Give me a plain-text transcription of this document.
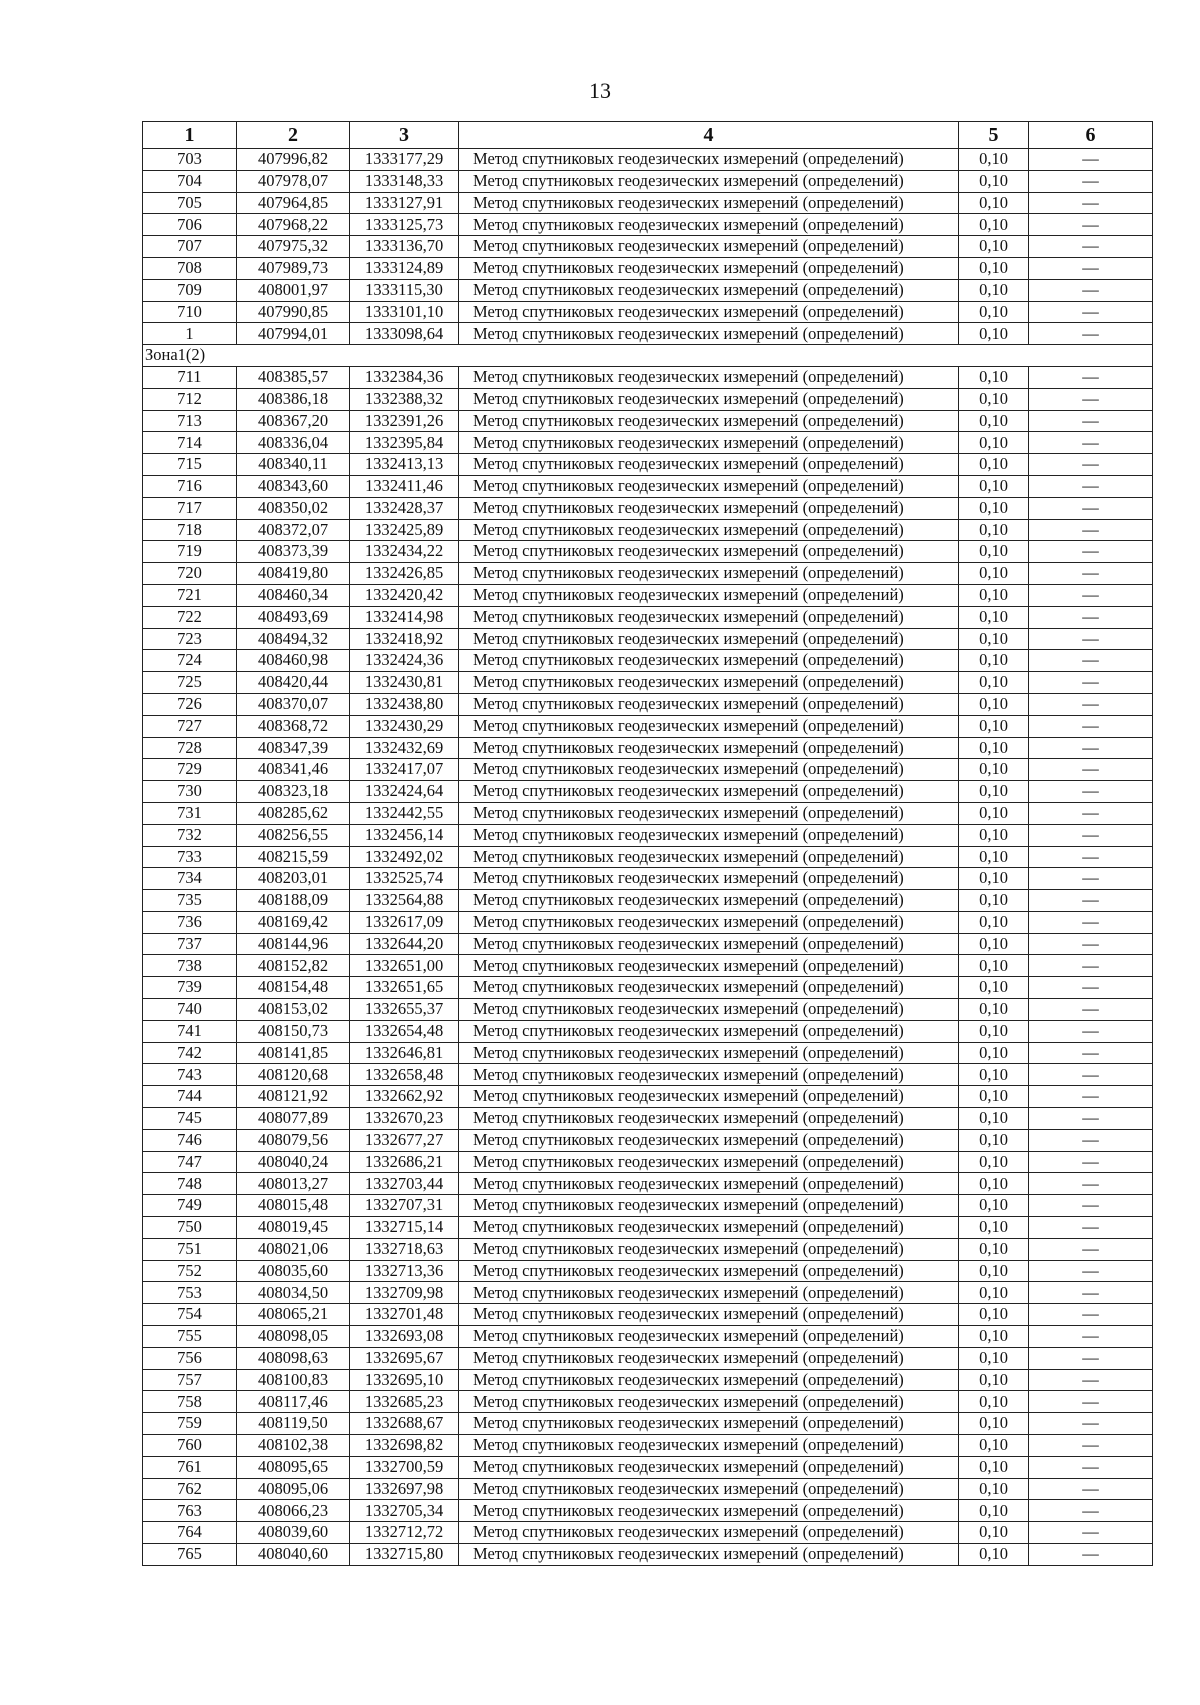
13
1	2	3	4	5	6
703	407996,82	1333177,29	Метод спутниковых геодезических измерений (определений)	0,10	—
704	407978,07	1333148,33	Метод спутниковых геодезических измерений (определений)	0,10	—
705	407964,85	1333127,91	Метод спутниковых геодезических измерений (определений)	0,10	—
706	407968,22	1333125,73	Метод спутниковых геодезических измерений (определений)	0,10	—
707	407975,32	1333136,70	Метод спутниковых геодезических измерений (определений)	0,10	—
708	407989,73	1333124,89	Метод спутниковых геодезических измерений (определений)	0,10	—
709	408001,97	1333115,30	Метод спутниковых геодезических измерений (определений)	0,10	—
710	407990,85	1333101,10	Метод спутниковых геодезических измерений (определений)	0,10	—
1	407994,01	1333098,64	Метод спутниковых геодезических измерений (определений)	0,10	—
Зона1(2)					
711	408385,57	1332384,36	Метод спутниковых геодезических измерений (определений)	0,10	—
712	408386,18	1332388,32	Метод спутниковых геодезических измерений (определений)	0,10	—
713	408367,20	1332391,26	Метод спутниковых геодезических измерений (определений)	0,10	—
714	408336,04	1332395,84	Метод спутниковых геодезических измерений (определений)	0,10	—
715	408340,11	1332413,13	Метод спутниковых геодезических измерений (определений)	0,10	—
716	408343,60	1332411,46	Метод спутниковых геодезических измерений (определений)	0,10	—
717	408350,02	1332428,37	Метод спутниковых геодезических измерений (определений)	0,10	—
718	408372,07	1332425,89	Метод спутниковых геодезических измерений (определений)	0,10	—
719	408373,39	1332434,22	Метод спутниковых геодезических измерений (определений)	0,10	—
720	408419,80	1332426,85	Метод спутниковых геодезических измерений (определений)	0,10	—
721	408460,34	1332420,42	Метод спутниковых геодезических измерений (определений)	0,10	—
722	408493,69	1332414,98	Метод спутниковых геодезических измерений (определений)	0,10	—
723	408494,32	1332418,92	Метод спутниковых геодезических измерений (определений)	0,10	—
724	408460,98	1332424,36	Метод спутниковых геодезических измерений (определений)	0,10	—
725	408420,44	1332430,81	Метод спутниковых геодезических измерений (определений)	0,10	—
726	408370,07	1332438,80	Метод спутниковых геодезических измерений (определений)	0,10	—
727	408368,72	1332430,29	Метод спутниковых геодезических измерений (определений)	0,10	—
728	408347,39	1332432,69	Метод спутниковых геодезических измерений (определений)	0,10	—
729	408341,46	1332417,07	Метод спутниковых геодезических измерений (определений)	0,10	—
730	408323,18	1332424,64	Метод спутниковых геодезических измерений (определений)	0,10	—
731	408285,62	1332442,55	Метод спутниковых геодезических измерений (определений)	0,10	—
732	408256,55	1332456,14	Метод спутниковых геодезических измерений (определений)	0,10	—
733	408215,59	1332492,02	Метод спутниковых геодезических измерений (определений)	0,10	—
734	408203,01	1332525,74	Метод спутниковых геодезических измерений (определений)	0,10	—
735	408188,09	1332564,88	Метод спутниковых геодезических измерений (определений)	0,10	—
736	408169,42	1332617,09	Метод спутниковых геодезических измерений (определений)	0,10	—
737	408144,96	1332644,20	Метод спутниковых геодезических измерений (определений)	0,10	—
738	408152,82	1332651,00	Метод спутниковых геодезических измерений (определений)	0,10	—
739	408154,48	1332651,65	Метод спутниковых геодезических измерений (определений)	0,10	—
740	408153,02	1332655,37	Метод спутниковых геодезических измерений (определений)	0,10	—
741	408150,73	1332654,48	Метод спутниковых геодезических измерений (определений)	0,10	—
742	408141,85	1332646,81	Метод спутниковых геодезических измерений (определений)	0,10	—
743	408120,68	1332658,48	Метод спутниковых геодезических измерений (определений)	0,10	—
744	408121,92	1332662,92	Метод спутниковых геодезических измерений (определений)	0,10	—
745	408077,89	1332670,23	Метод спутниковых геодезических измерений (определений)	0,10	—
746	408079,56	1332677,27	Метод спутниковых геодезических измерений (определений)	0,10	—
747	408040,24	1332686,21	Метод спутниковых геодезических измерений (определений)	0,10	—
748	408013,27	1332703,44	Метод спутниковых геодезических измерений (определений)	0,10	—
749	408015,48	1332707,31	Метод спутниковых геодезических измерений (определений)	0,10	—
750	408019,45	1332715,14	Метод спутниковых геодезических измерений (определений)	0,10	—
751	408021,06	1332718,63	Метод спутниковых геодезических измерений (определений)	0,10	—
752	408035,60	1332713,36	Метод спутниковых геодезических измерений (определений)	0,10	—
753	408034,50	1332709,98	Метод спутниковых геодезических измерений (определений)	0,10	—
754	408065,21	1332701,48	Метод спутниковых геодезических измерений (определений)	0,10	—
755	408098,05	1332693,08	Метод спутниковых геодезических измерений (определений)	0,10	—
756	408098,63	1332695,67	Метод спутниковых геодезических измерений (определений)	0,10	—
757	408100,83	1332695,10	Метод спутниковых геодезических измерений (определений)	0,10	—
758	408117,46	1332685,23	Метод спутниковых геодезических измерений (определений)	0,10	—
759	408119,50	1332688,67	Метод спутниковых геодезических измерений (определений)	0,10	—
760	408102,38	1332698,82	Метод спутниковых геодезических измерений (определений)	0,10	—
761	408095,65	1332700,59	Метод спутниковых геодезических измерений (определений)	0,10	—
762	408095,06	1332697,98	Метод спутниковых геодезических измерений (определений)	0,10	—
763	408066,23	1332705,34	Метод спутниковых геодезических измерений (определений)	0,10	—
764	408039,60	1332712,72	Метод спутниковых геодезических измерений (определений)	0,10	—
765	408040,60	1332715,80	Метод спутниковых геодезических измерений (определений)	0,10	—
